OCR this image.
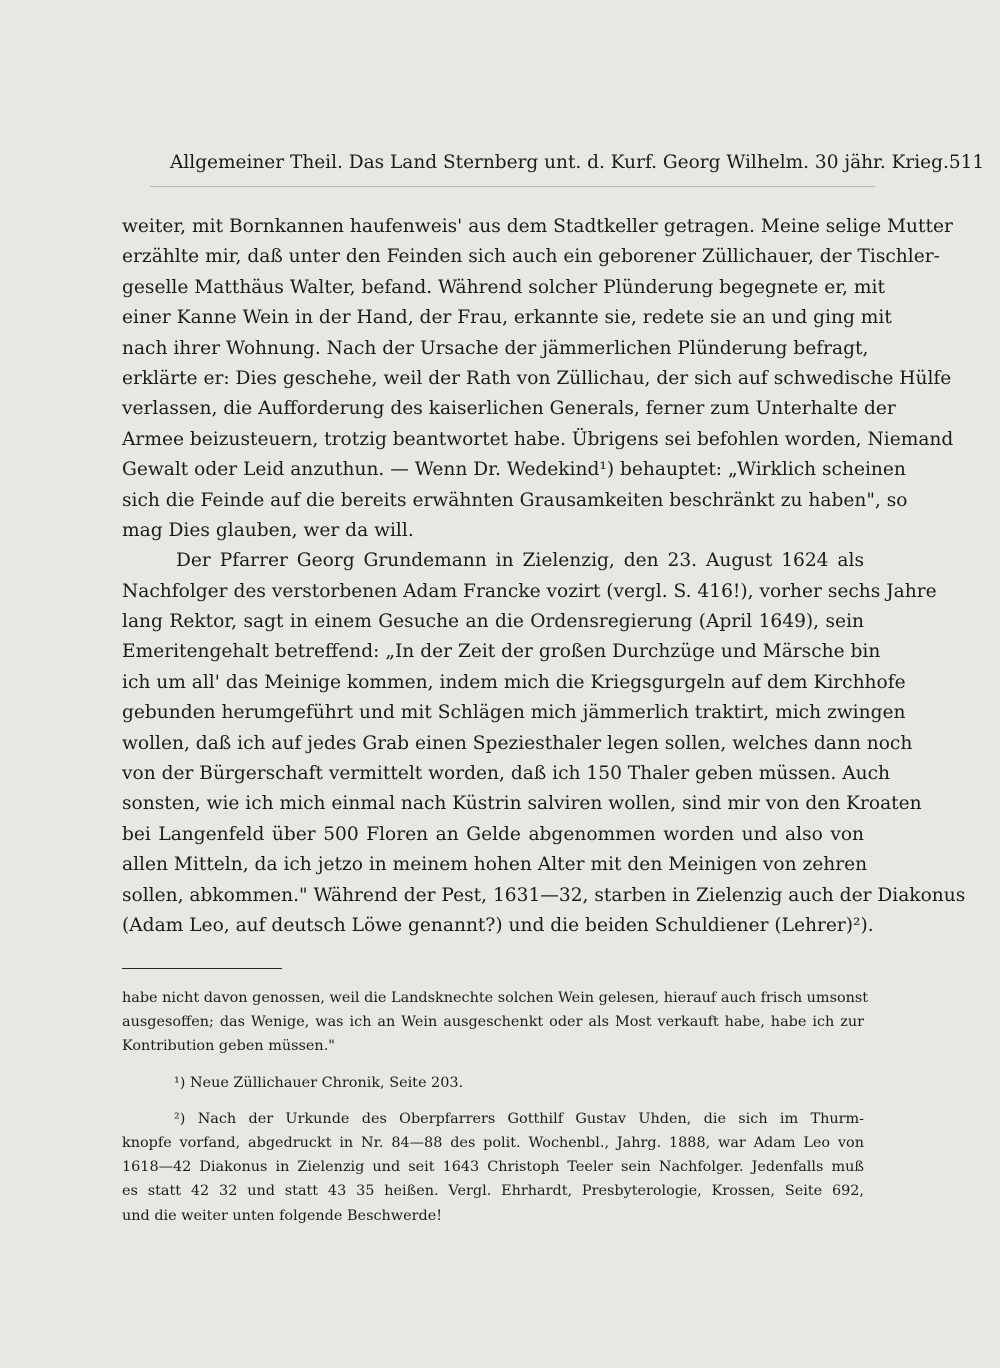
Allgemeiner Theil. Das Land Sternberg unt. d. Kurf. Georg Wilhelm. 30 jähr. Krieg. 511
weiter, mit Bornkannen haufenweis' aus dem Stadtkeller getragen. Meine selige Mutter
erzählte mir, daß unter den Feinden sich auch ein geborener Züllichauer, der Tischler-
geselle Matthäus Walter, befand. Während solcher Plünderung begegnete er, mit
einer Kanne Wein in der Hand, der Frau, erkannte sie, redete sie an und ging mit
nach ihrer Wohnung. Nach der Ursache der jämmerlichen Plünderung befragt,
erklärte er: Dies geschehe, weil der Rath von Züllichau, der sich auf schwedische Hülfe
verlassen, die Aufforderung des kaiserlichen Generals, ferner zum Unterhalte der
Armee beizusteuern, trotzig beantwortet habe. Übrigens sei befohlen worden, Niemand
Gewalt oder Leid anzuthun. — Wenn Dr. Wedekind¹) behauptet: „Wirklich scheinen
sich die Feinde auf die bereits erwähnten Grausamkeiten beschränkt zu haben", so
mag Dies glauben, wer da will.
Der Pfarrer Georg Grundemann in Zielenzig, den 23. August 1624 als
Nachfolger des verstorbenen Adam Francke vozirt (vergl. S. 416!), vorher sechs Jahre
lang Rektor, sagt in einem Gesuche an die Ordensregierung (April 1649), sein
Emeritengehalt betreffend: „In der Zeit der großen Durchzüge und Märsche bin
ich um all' das Meinige kommen, indem mich die Kriegsgurgeln auf dem Kirchhofe
gebunden herumgeführt und mit Schlägen mich jämmerlich traktirt, mich zwingen
wollen, daß ich auf jedes Grab einen Speziesthaler legen sollen, welches dann noch
von der Bürgerschaft vermittelt worden, daß ich 150 Thaler geben müssen. Auch
sonsten, wie ich mich einmal nach Küstrin salviren wollen, sind mir von den Kroaten
bei Langenfeld über 500 Floren an Gelde abgenommen worden und also von
allen Mitteln, da ich jetzo in meinem hohen Alter mit den Meinigen von zehren
sollen, abkommen." Während der Pest, 1631—32, starben in Zielenzig auch der Diakonus
(Adam Leo, auf deutsch Löwe genannt?) und die beiden Schuldiener (Lehrer)²).
habe nicht davon genossen, weil die Landsknechte solchen Wein gelesen, hierauf auch frisch umsonst
ausgesoffen; das Wenige, was ich an Wein ausgeschenkt oder als Most verkauft habe, habe ich zur
Kontribution geben müssen."
¹) Neue Züllichauer Chronik, Seite 203.
²) Nach der Urkunde des Oberpfarrers Gotthilf Gustav Uhden, die sich im Thurm-
knopfe vorfand, abgedruckt in Nr. 84—88 des polit. Wochenbl., Jahrg. 1888, war Adam Leo von
1618—42 Diakonus in Zielenzig und seit 1643 Christoph Teeler sein Nachfolger. Jedenfalls muß
es statt 42 32 und statt 43 35 heißen. Vergl. Ehrhardt, Presbyterologie, Krossen, Seite 692,
und die weiter unten folgende Beschwerde!
